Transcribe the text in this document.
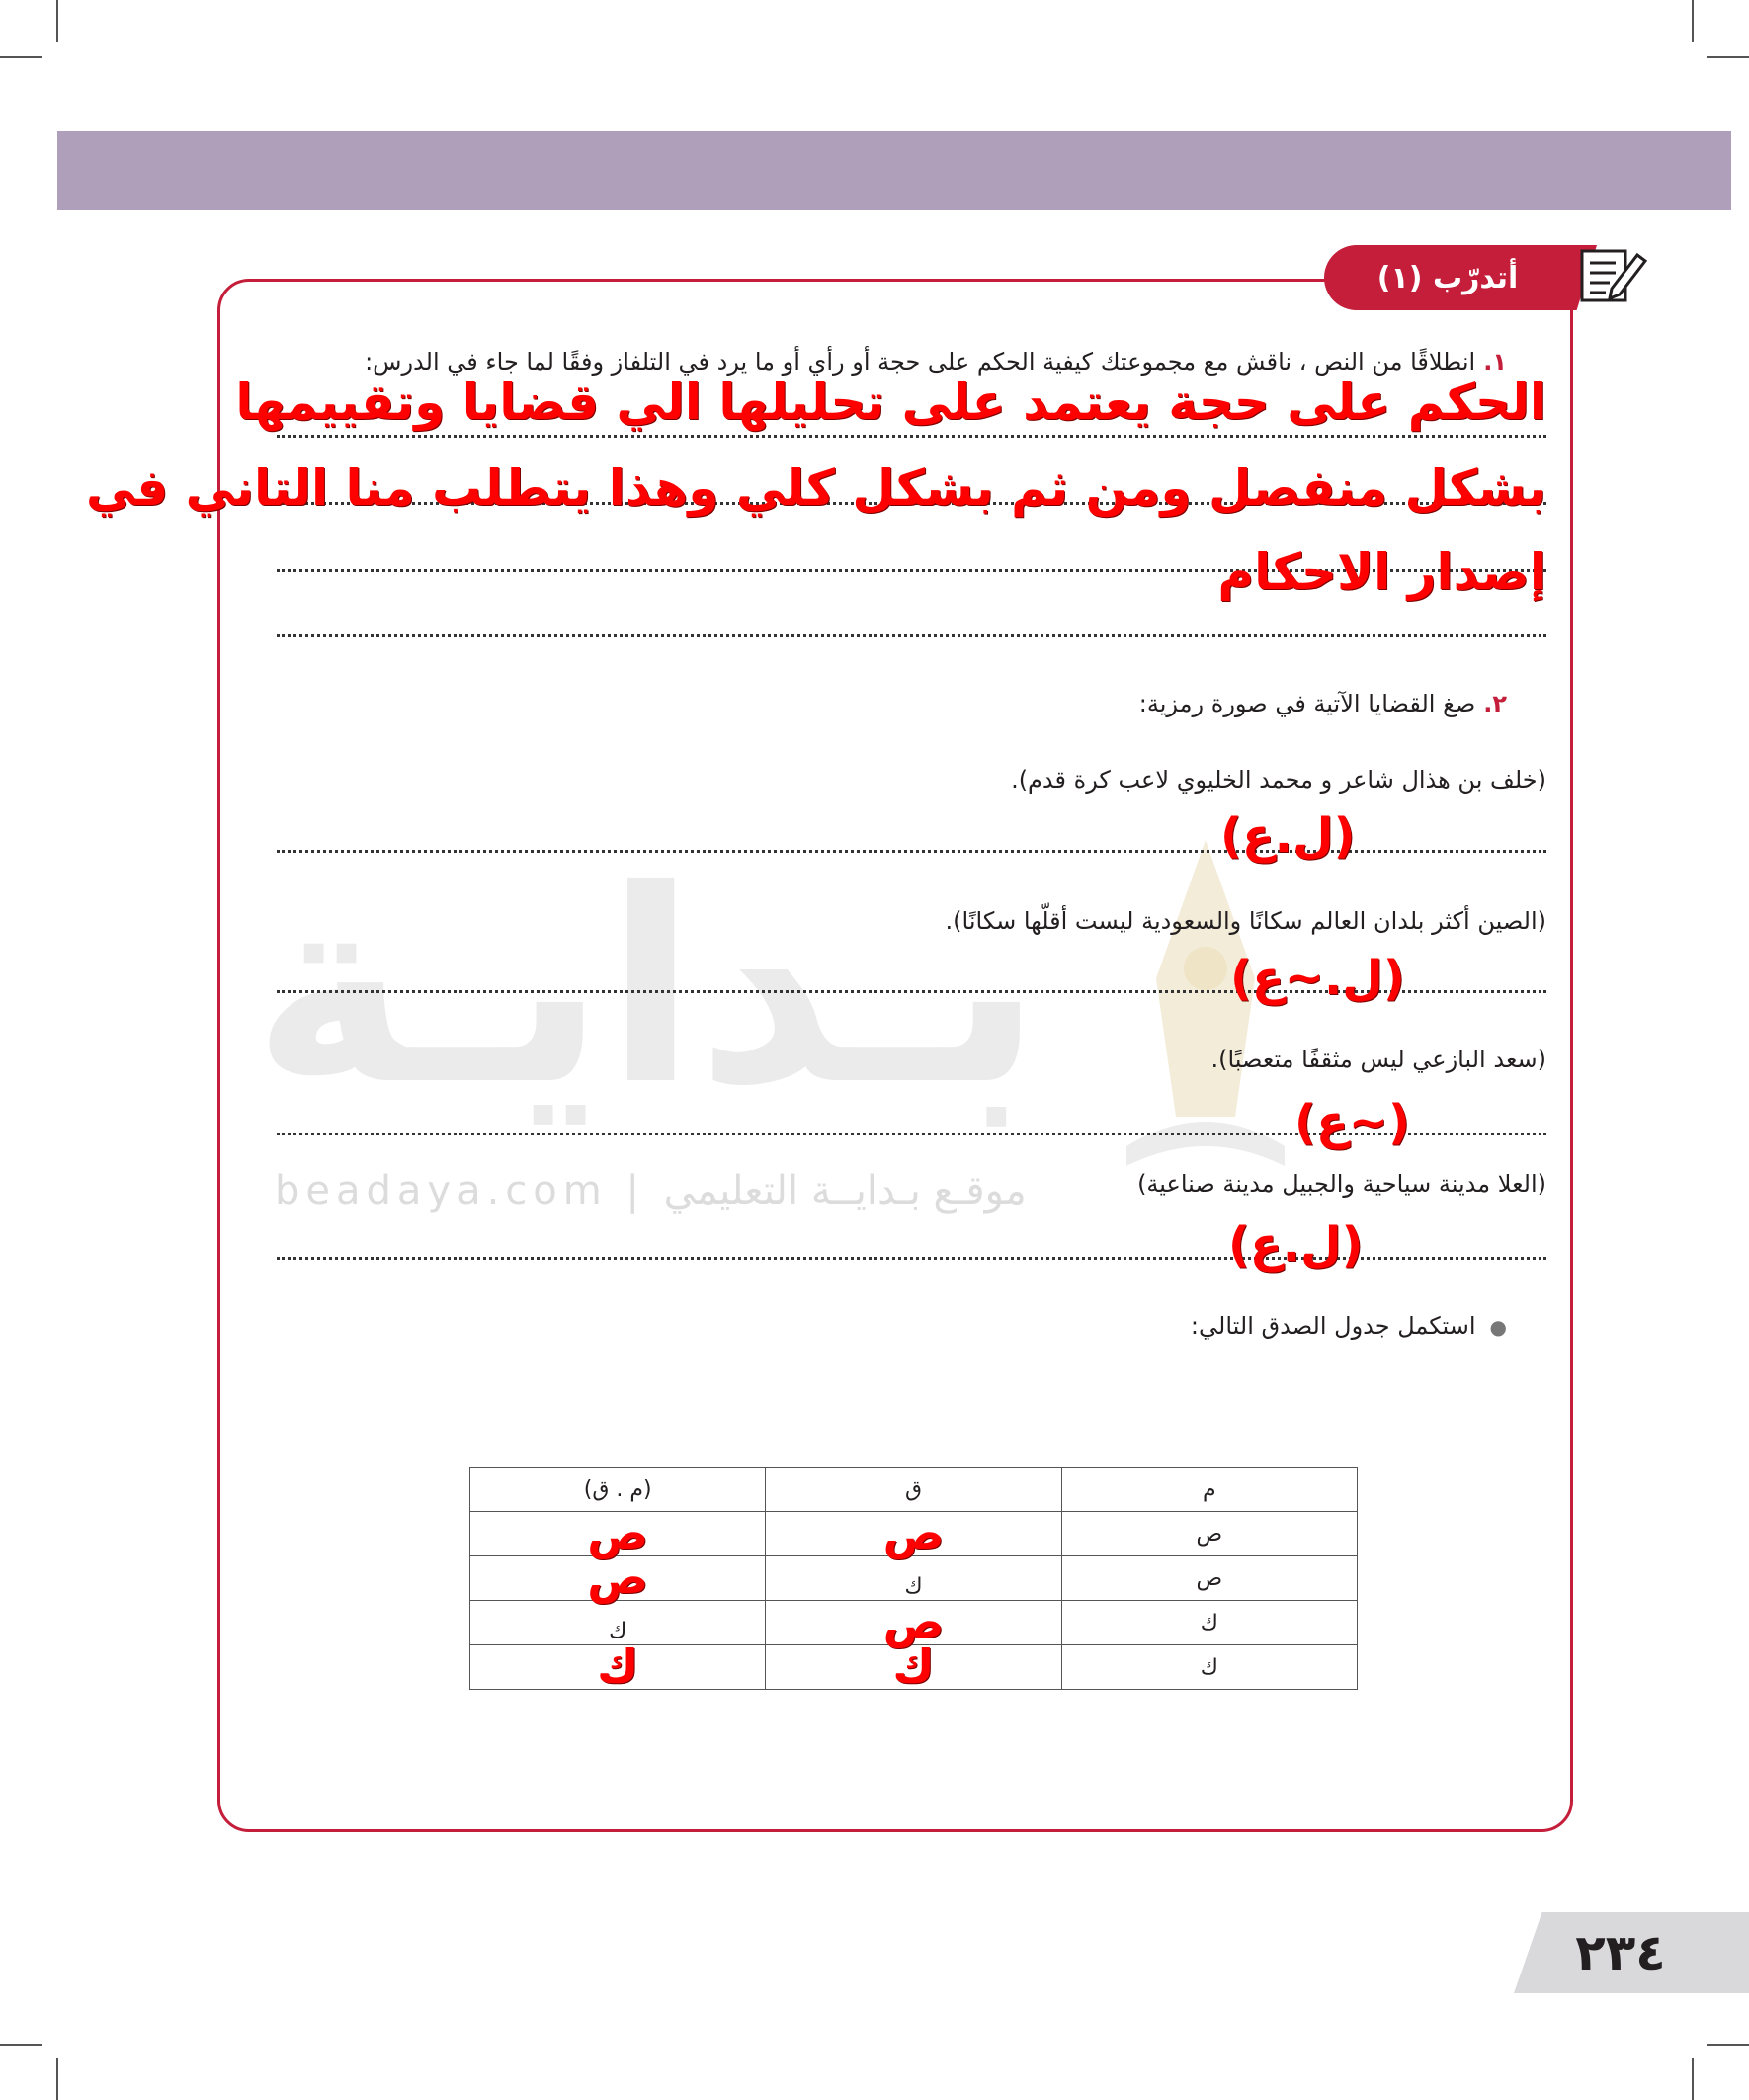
بـدايـة
beadaya.com | موقـع بـدايــة التعليمي
أتدرّب (١)
١.انطلاقًا من النص ، ناقش مع مجموعتك كيفية الحكم على حجة أو رأي أو ما يرد في التلفاز وفقًا لما جاء في الدرس:
الحكم على حجة يعتمد على تحليلها الي قضايا وتقييمها
بشكل منفصل ومن ثم بشكل كلي وهذا يتطلب منا التاني في
إصدار الاحكام
٢.صغ القضايا الآتية في صورة رمزية:
(خلف بن هذال شاعر و محمد الخليوي لاعب كرة قدم).
(ل.ع)
(الصين أكثر بلدان العالم سكانًا والسعودية ليست أقلّها سكانًا).
(ل.~ع)
(سعد البازعي ليس مثقفًا متعصبًا).
(~ع)
(العلا مدينة سياحية والجبيل مدينة صناعية)
(ل.ع)
●استكمل جدول الصدق التالي:
م	ق	(م . ق)
ص	ص	ص
ص	ك	ص
ك	ص	ك
ك	ك	ك
٢٣٤
